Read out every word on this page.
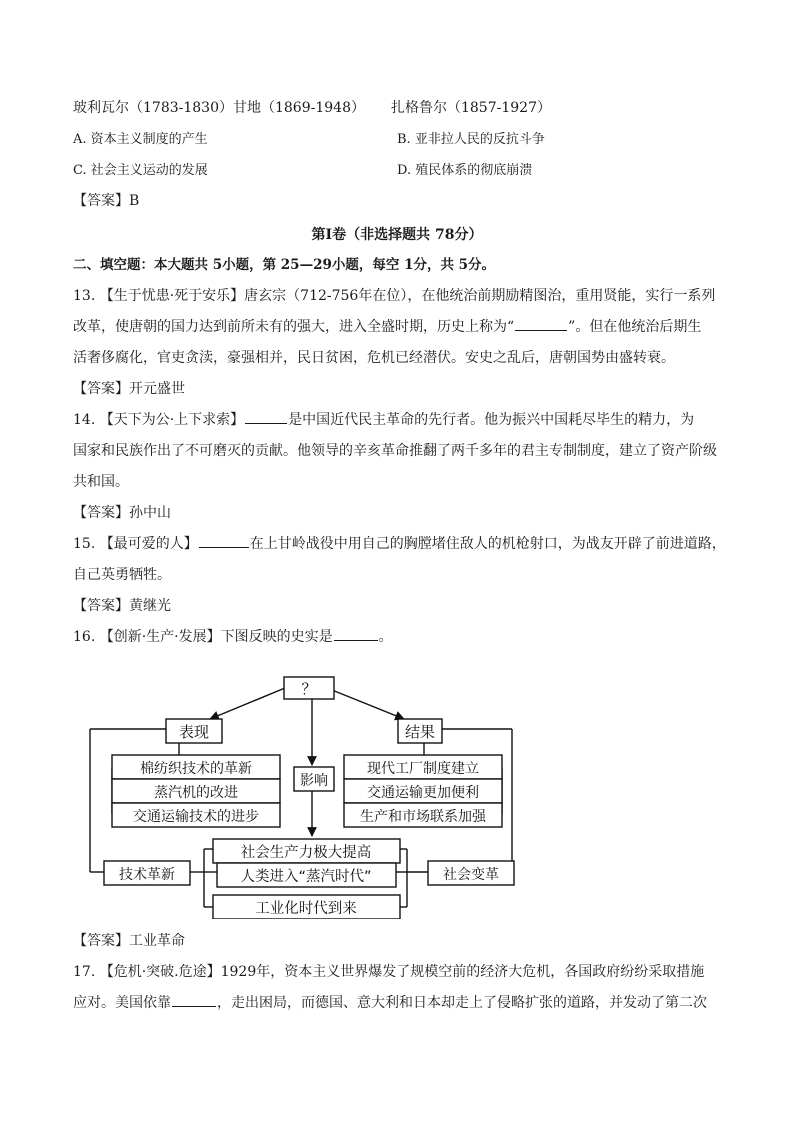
玻利瓦尔（1783-1830）甘地（1869-1948） 扎格鲁尔（1857-1927）
A. 资本主义制度的产生	B. 亚非拉人民的反抗斗争
C. 社会主义运动的发展	D. 殖民体系的彻底崩溃
【答案】B
第Ⅰ卷（非选择题共 78分）
二、填空题：本大题共 5小题，第 25—29小题，每空 1分，共 5分。
13. 【生于忧患·死于安乐】唐玄宗（712-756年在位），在他统治前期励精图治，重用贤能，实行一系列
改革，使唐朝的国力达到前所未有的强大，进入全盛时期，历史上称为“	”。但在他统治后期生
活奢侈腐化，官吏贪渎，豪强相并，民日贫困，危机已经潜伏。安史之乱后，唐朝国势由盛转衰。
【答案】开元盛世
14. 【天下为公·上下求索】	是中国近代民主革命的先行者。他为振兴中国耗尽毕生的精力，为
国家和民族作出了不可磨灭的贡献。他领导的辛亥革命推翻了两千多年的君主专制制度，建立了资产阶级
共和国。
【答案】孙中山
15. 【最可爱的人】	在上甘岭战役中用自己的胸膛堵住敌人的机枪射口，为战友开辟了前进道路，
自己英勇牺牲。
【答案】黄继光
16. 【创新·生产·发展】下图反映的史实是	。
？
表现	结果
影响
棉纺织技术的革新
蒸汽机的改进
交通运输技术的进步
现代工厂制度建立
交通运输更加便利
生产和市场联系加强
社会生产力极大提高
人类进入“蒸汽时代”
工业化时代到来
技术革新	社会变革
【答案】工业革命
17. 【危机·突破.危途】1929年，资本主义世界爆发了规模空前的经济大危机，各国政府纷纷采取措施
应对。美国依靠	，走出困局，而德国、意大利和日本却走上了侵略扩张的道路，并发动了第二次
